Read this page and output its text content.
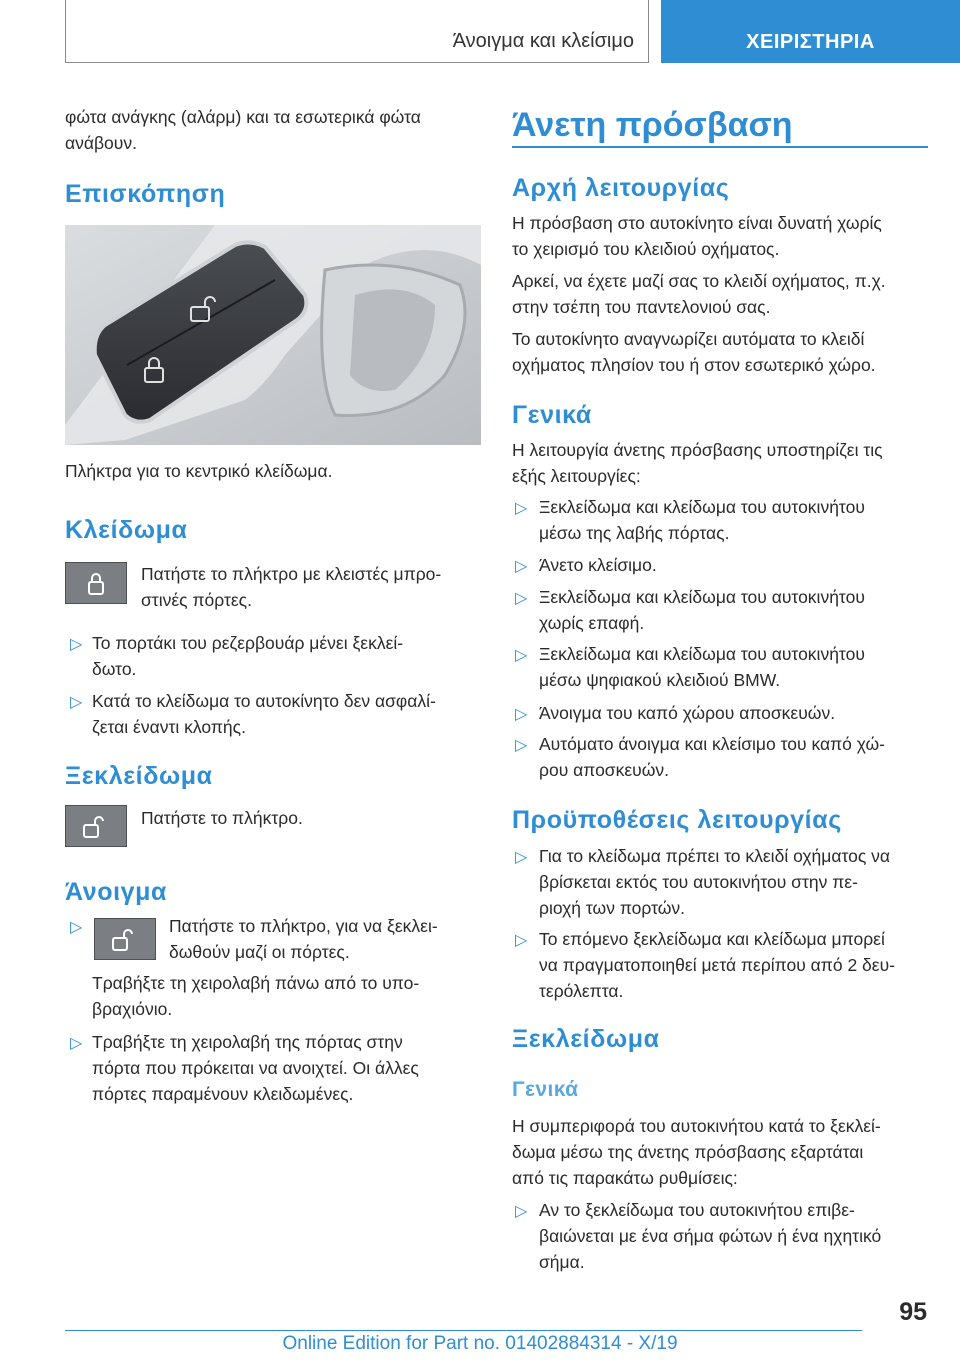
Άνοιγμα και κλείσιμο	ΧΕΙΡΙΣΤΗΡΙΑ
φώτα ανάγκης (αλάρμ) και τα εσωτερικά φώτα
ανάβουν.
Επισκόπηση
Πλήκτρα για το κεντρικό κλείδωμα.
Κλείδωμα
Πατήστε το πλήκτρο με κλειστές μπρο-
στινές πόρτες.
▷ Το πορτάκι του ρεζερβουάρ μένει ξεκλεί-
δωτο.
▷ Κατά το κλείδωμα το αυτοκίνητο δεν ασφαλί-
ζεται έναντι κλοπής.
Ξεκλείδωμα
Πατήστε το πλήκτρο.
Άνοιγμα
▷	Πατήστε το πλήκτρο, για να ξεκλει-
δωθούν μαζί οι πόρτες.
Τραβήξτε τη χειρολαβή πάνω από το υπο-
βραχιόνιο.
▷ Τραβήξτε τη χειρολαβή της πόρτας στην
πόρτα που πρόκειται να ανοιχτεί. Οι άλλες
πόρτες παραμένουν κλειδωμένες.
Άνετη πρόσβαση
Αρχή λειτουργίας
Η πρόσβαση στο αυτοκίνητο είναι δυνατή χωρίς
το χειρισμό του κλειδιού οχήματος.
Αρκεί, να έχετε μαζί σας το κλειδί οχήματος, π.χ.
στην τσέπη του παντελονιού σας.
Το αυτοκίνητο αναγνωρίζει αυτόματα το κλειδί
οχήματος πλησίον του ή στον εσωτερικό χώρο.
Γενικά
Η λειτουργία άνετης πρόσβασης υποστηρίζει τις
εξής λειτουργίες:
▷ Ξεκλείδωμα και κλείδωμα του αυτοκινήτου
μέσω της λαβής πόρτας.
▷ Άνετο κλείσιμο.
▷ Ξεκλείδωμα και κλείδωμα του αυτοκινήτου
χωρίς επαφή.
▷ Ξεκλείδωμα και κλείδωμα του αυτοκινήτου
μέσω ψηφιακού κλειδιού BMW.
▷ Άνοιγμα του καπό χώρου αποσκευών.
▷ Αυτόματο άνοιγμα και κλείσιμο του καπό χώ-
ρου αποσκευών.
Προϋποθέσεις λειτουργίας
▷ Για το κλείδωμα πρέπει το κλειδί οχήματος να
βρίσκεται εκτός του αυτοκινήτου στην πε-
ριοχή των πορτών.
▷ Το επόμενο ξεκλείδωμα και κλείδωμα μπορεί
να πραγματοποιηθεί μετά περίπου από 2 δευ-
τερόλεπτα.
Ξεκλείδωμα
Γενικά
Η συμπεριφορά του αυτοκινήτου κατά το ξεκλεί-
δωμα μέσω της άνετης πρόσβασης εξαρτάται
από τις παρακάτω ρυθμίσεις:
▷ Αν το ξεκλείδωμα του αυτοκινήτου επιβε-
βαιώνεται με ένα σήμα φώτων ή ένα ηχητικό
σήμα.
95
Online Edition for Part no. 01402884314 - X/19
